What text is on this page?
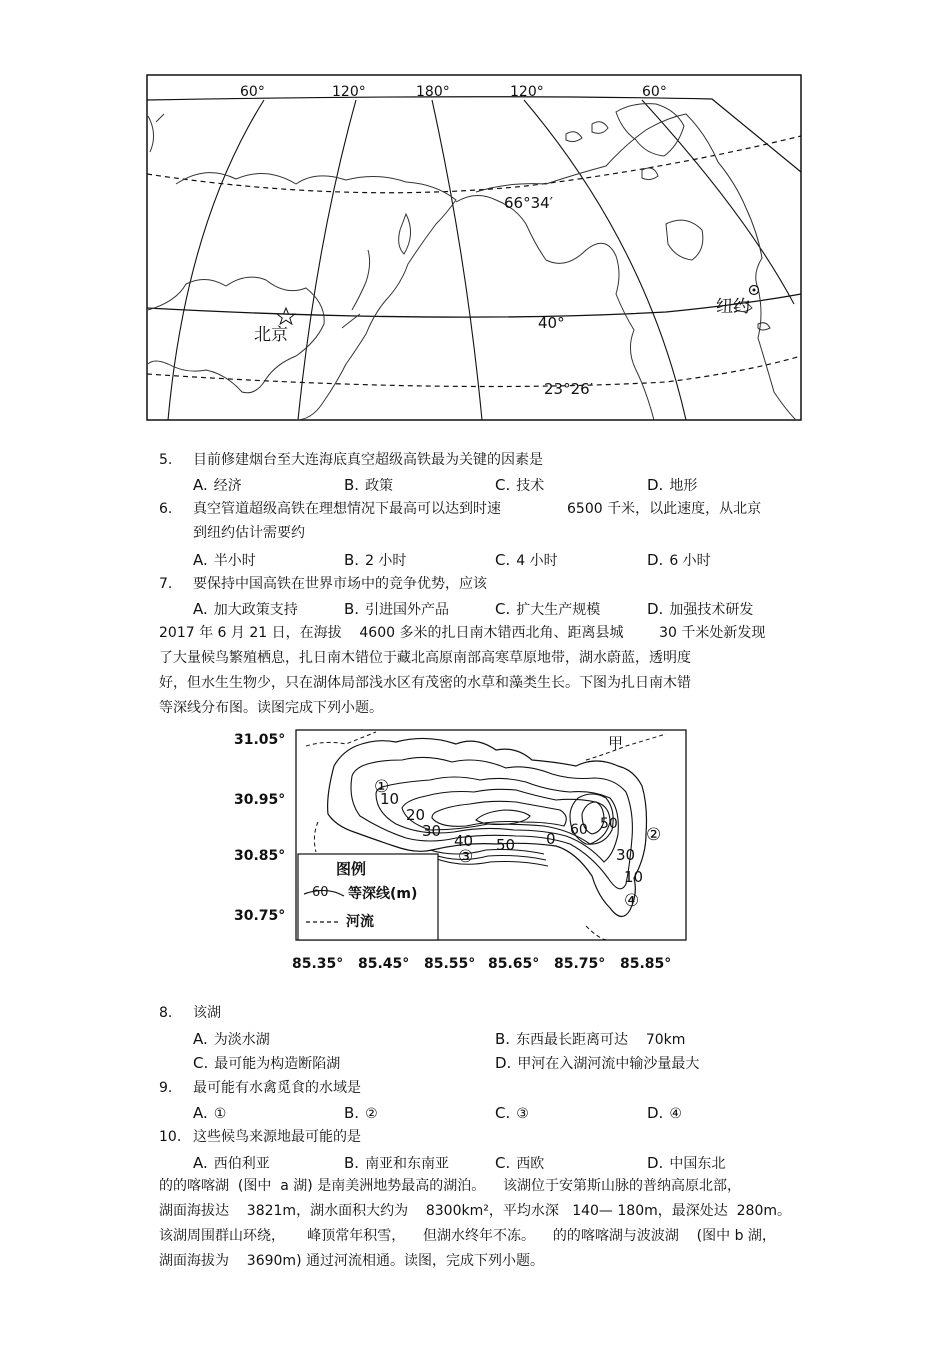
60°	120°	180°	120°	60°
66°34′
40°
23°26′
北京
纽约
5. 目前修建烟台至大连海底真空超级高铁最为关键的因素是
A. 经济	B. 政策	C. 技术	D. 地形
6. 真空管道超级高铁在理想情况下最高可以达到时速	6500 千米，以此速度，从北京
到纽约估计需要约
A. 半小时	B. 2 小时	C. 4 小时	D. 6 小时
7. 要保持中国高铁在世界市场中的竞争优势，应该
A. 加大政策支持	B. 引进国外产品	C. 扩大生产规模	D. 加强技术研发
2017 年 6 月 21 日，在海拔    4600 多米的扎日南木错西北角、距离县城        30 千米处新发现
了大量候鸟繁殖栖息，扎日南木错位于藏北高原南部高寒草原地带，湖水蔚蓝，透明度
好，但水生生物少，只在湖体局部浅水区有茂密的水草和藻类生长。下图为扎日南木错
等深线分布图。读图完成下列小题。
31.05°
30.95°
30.85°
30.75°
85.35° 85.45° 85.55° 85.65° 85.75° 85.85°
10
20
30
40 50 0 60 50
30
10
①
②
③
④
甲
图例
60 等深线(m)
河流
8. 该湖
A. 为淡水湖	B. 东西最长距离可达    70km
C. 最可能为构造断陷湖	D. 甲河在入湖河流中输沙量最大
9. 最可能有水禽觅食的水域是
A. ①	B. ②	C. ③	D. ④
10. 这些候鸟来源地最可能的是
A. 西伯利亚	B. 南亚和东南亚	C. 西欧	D. 中国东北
的的喀喀湖  (图中  a 湖) 是南美洲地势最高的湖泊。    该湖位于安第斯山脉的普纳高原北部，
湖面海拔达    3821m，湖水面积大约为    8300km²，平均水深   140— 180m，最深处达  280m。
该湖周围群山环绕，     峰顶常年积雪，    但湖水终年不冻。    的的喀喀湖与波波湖    (图中 b 湖，
湖面海拔为    3690m) 通过河流相通。读图，完成下列小题。
